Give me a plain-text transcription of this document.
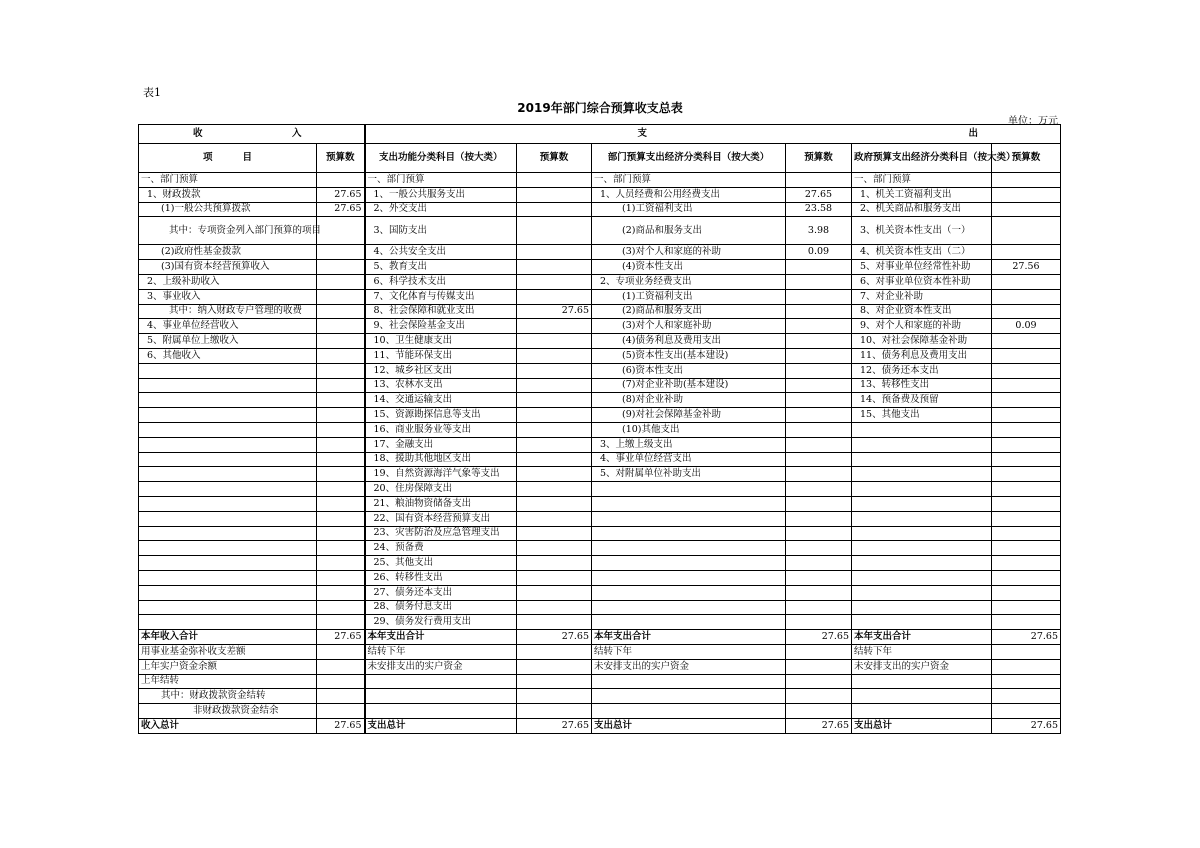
表1
2019年部门综合预算收支总表
单位：万元
收 入		支 出					

项 目	预算数	支出功能分类科目（按大类）	预算数	部门预算支出经济分类科目（按大类）	预算数	政府预算支出经济分类科目（按大类）	预算数
一、部门预算		一、部门预算		一、部门预算		一、部门预算	
1、财政拨款	27.65	1、一般公共服务支出		1、人员经费和公用经费支出	27.65	1、机关工资福利支出	
(1)一般公共预算拨款	27.65	2、外交支出		(1)工资福利支出	23.58	2、机关商品和服务支出	
其中：专项资金列入部门预算的项目		3、国防支出		(2)商品和服务支出	3.98	3、机关资本性支出（一）	
(2)政府性基金拨款		4、公共安全支出		(3)对个人和家庭的补助	0.09	4、机关资本性支出（二）	
(3)国有资本经营预算收入		5、教育支出		(4)资本性支出		5、对事业单位经常性补助	27.56
2、上级补助收入		6、科学技术支出		2、专项业务经费支出		6、对事业单位资本性补助	
3、事业收入		7、文化体育与传媒支出		(1)工资福利支出		7、对企业补助	
其中：纳入财政专户管理的收费		8、社会保障和就业支出	27.65	(2)商品和服务支出		8、对企业资本性支出	
4、事业单位经营收入		9、社会保险基金支出		(3)对个人和家庭补助		9、对个人和家庭的补助	0.09
5、附属单位上缴收入		10、卫生健康支出		(4)债务利息及费用支出		10、对社会保障基金补助	
6、其他收入		11、节能环保支出		(5)资本性支出(基本建设)		11、债务利息及费用支出	
		12、城乡社区支出		(6)资本性支出		12、债务还本支出	
		13、农林水支出		(7)对企业补助(基本建设)		13、转移性支出	
		14、交通运输支出		(8)对企业补助		14、预备费及预留	
		15、资源勘探信息等支出		(9)对社会保障基金补助		15、其他支出	
		16、商业服务业等支出		(10)其他支出			
		17、金融支出		3、上缴上级支出			
		18、援助其他地区支出		4、事业单位经营支出			
		19、自然资源海洋气象等支出		5、对附属单位补助支出			
		20、住房保障支出					
		21、粮油物资储备支出					
		22、国有资本经营预算支出					
		23、灾害防治及应急管理支出					
		24、预备费					
		25、其他支出					
		26、转移性支出					
		27、债务还本支出					
		28、债务付息支出					
		29、债务发行费用支出					
本年收入合计	27.65	本年支出合计	27.65	本年支出合计	27.65	本年支出合计	27.65
用事业基金弥补收支差额		结转下年		结转下年		结转下年	
上年实户资金余额		未安排支出的实户资金		未安排支出的实户资金		未安排支出的实户资金	
上年结转							
其中：财政拨款资金结转							
非财政拨款资金结余							
收入总计	27.65	支出总计	27.65	支出总计	27.65	支出总计	27.65
